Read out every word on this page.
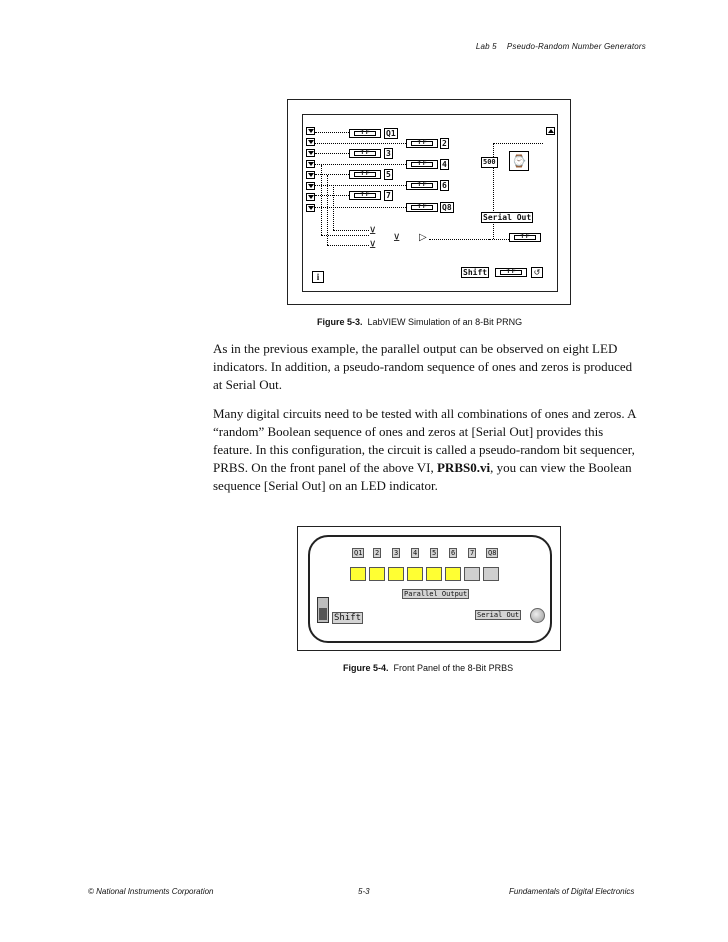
Lab 5 Pseudo-Random Number Generators
T F	Q1
T F	3
T F	5
T F	7
T F	2
T F	4
T F	6
T F	Q8
⊻
⊻
⊻ ▷
500 ⌚
Serial Out
T F
Shift	T F	↺
i
Figure 5-3. LabVIEW Simulation of an 8-Bit PRNG

As in the previous example, the parallel output can be observed on eight LED indicators. In addition, a pseudo-random sequence of ones and zeros is produced at Serial Out.

Many digital circuits need to be tested with all combinations of ones and zeros. A “random” Boolean sequence of ones and zeros at [Serial Out] provides this feature. In this configuration, the circuit is called a pseudo-random bit sequencer, PRBS. On the front panel of the above VI, PRBS0.vi, you can view the Boolean sequence [Serial Out] on an LED indicator.

Q1 2 3 4 5 6 7 Q8
Parallel Output
Shift	Serial Out
Figure 5-4. Front Panel of the 8-Bit PRBS
© National Instruments Corporation	5-3	Fundamentals of Digital Electronics
